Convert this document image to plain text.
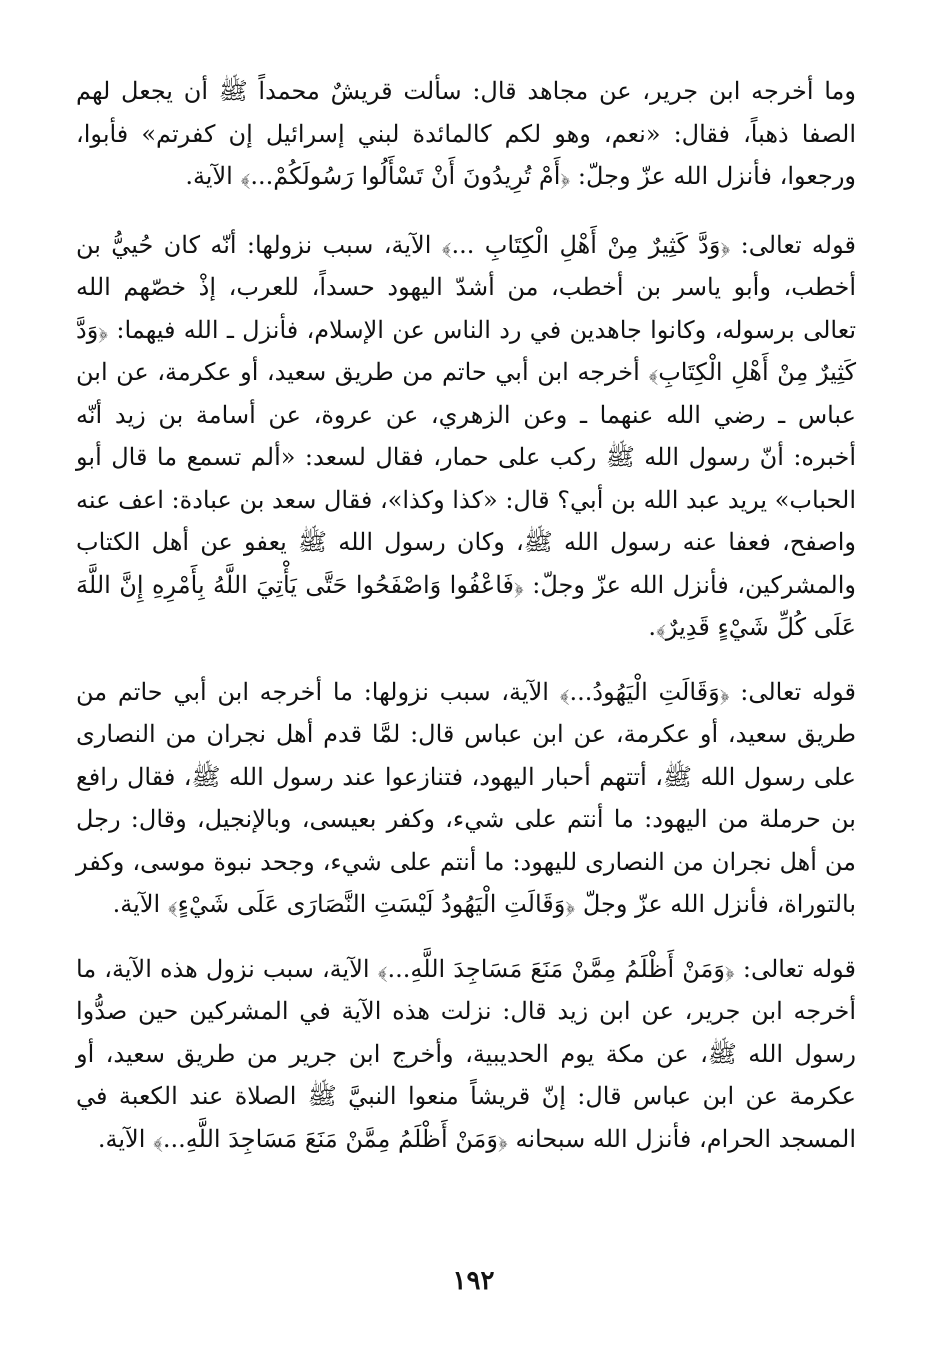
وما أخرجه ابن جرير، عن مجاهد قال: سألت قريشٌ محمداً ﷺ أن يجعل لهم الصفا ذهباً، فقال: «نعم، وهو لكم كالمائدة لبني إسرائيل إن كفرتم» فأبوا، ورجعوا، فأنزل الله عزّ وجلّ: ﴿أَمْ تُرِيدُونَ أَنْ تَسْأَلُوا رَسُولَكُمْ...﴾ الآية.

قوله تعالى: ﴿وَدَّ كَثِيرٌ مِنْ أَهْلِ الْكِتَابِ ...﴾ الآية، سبب نزولها: أنّه كان حُييُّ بن أخطب، وأبو ياسر بن أخطب، من أشدّ اليهود حسداً، للعرب، إذْ خصّهم الله تعالى برسوله، وكانوا جاهدين في رد الناس عن الإسلام، فأنزل ـ الله فيهما: ﴿وَدَّ كَثِيرٌ مِنْ أَهْلِ الْكِتَابِ﴾ أخرجه ابن أبي حاتم من طريق سعيد، أو عكرمة، عن ابن عباس ـ رضي الله عنهما ـ وعن الزهري، عن عروة، عن أسامة بن زيد أنّه أخبره: أنّ رسول الله ﷺ ركب على حمار، فقال لسعد: «ألم تسمع ما قال أبو الحباب» يريد عبد الله بن أبي؟ قال: «كذا وكذا»، فقال سعد بن عبادة: اعف عنه واصفح، فعفا عنه رسول الله ﷺ، وكان رسول الله ﷺ يعفو عن أهل الكتاب والمشركين، فأنزل الله عزّ وجلّ: ﴿فَاعْفُوا وَاصْفَحُوا حَتَّى يَأْتِيَ اللَّهُ بِأَمْرِهِ إِنَّ اللَّهَ عَلَى كُلِّ شَيْءٍ قَدِيرٌ﴾.

قوله تعالى: ﴿وَقَالَتِ الْيَهُودُ...﴾ الآية، سبب نزولها: ما أخرجه ابن أبي حاتم من طريق سعيد، أو عكرمة، عن ابن عباس قال: لمَّا قدم أهل نجران من النصارى على رسول الله ﷺ، أتتهم أحبار اليهود، فتنازعوا عند رسول الله ﷺ، فقال رافع بن حرملة من اليهود: ما أنتم على شيء، وكفر بعيسى، وبالإنجيل، وقال: رجل من أهل نجران من النصارى لليهود: ما أنتم على شيء، وجحد نبوة موسى، وكفر بالتوراة، فأنزل الله عزّ وجلّ ﴿وَقَالَتِ الْيَهُودُ لَيْسَتِ النَّصَارَى عَلَى شَيْءٍ﴾ الآية.

قوله تعالى: ﴿وَمَنْ أَظْلَمُ مِمَّنْ مَنَعَ مَسَاجِدَ اللَّهِ...﴾ الآية، سبب نزول هذه الآية، ما أخرجه ابن جرير، عن ابن زيد قال: نزلت هذه الآية في المشركين حين صدُّوا رسول الله ﷺ، عن مكة يوم الحديبية، وأخرج ابن جرير من طريق سعيد، أو عكرمة عن ابن عباس قال: إنّ قريشاً منعوا النبيَّ ﷺ الصلاة عند الكعبة في المسجد الحرام، فأنزل الله سبحانه ﴿وَمَنْ أَظْلَمُ مِمَّنْ مَنَعَ مَسَاجِدَ اللَّهِ...﴾ الآية.

١٩٢
